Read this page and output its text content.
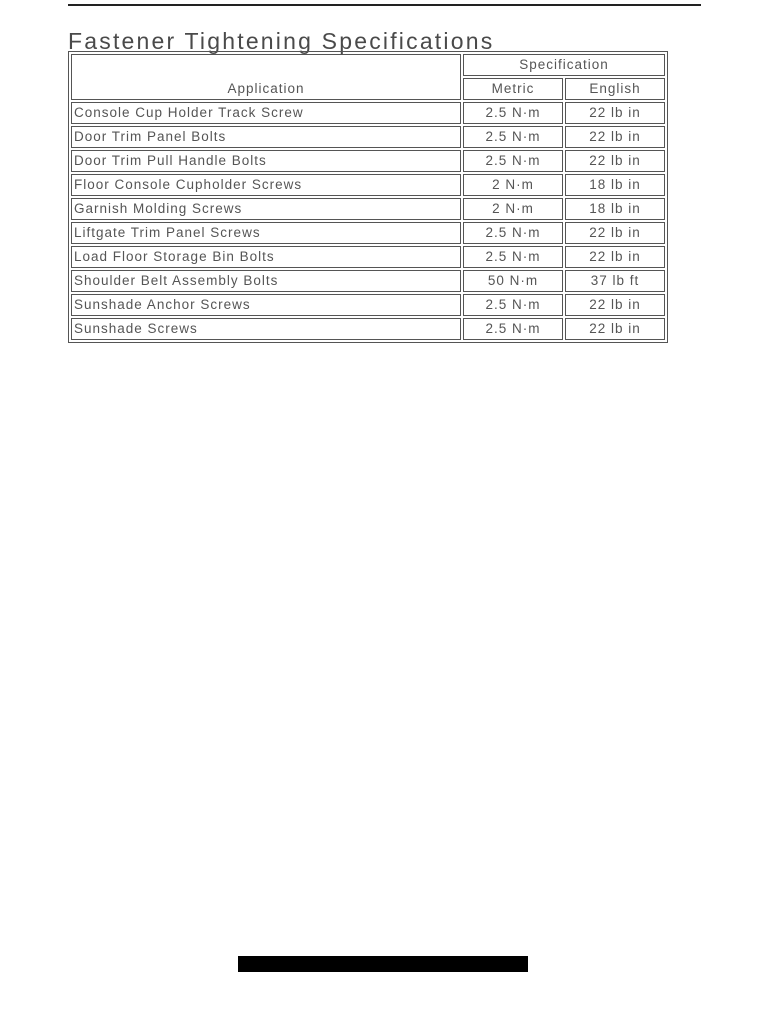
Fastener Tightening Specifications
Application	Specification	
	Metric	English
Console Cup Holder Track Screw	2.5 N·m	22 lb in
Door Trim Panel Bolts	2.5 N·m	22 lb in
Door Trim Pull Handle Bolts	2.5 N·m	22 lb in
Floor Console Cupholder Screws	2 N·m	18 lb in
Garnish Molding Screws	2 N·m	18 lb in
Liftgate Trim Panel Screws	2.5 N·m	22 lb in
Load Floor Storage Bin Bolts	2.5 N·m	22 lb in
Shoulder Belt Assembly Bolts	50 N·m	37 lb ft
Sunshade Anchor Screws	2.5 N·m	22 lb in
Sunshade Screws	2.5 N·m	22 lb in
